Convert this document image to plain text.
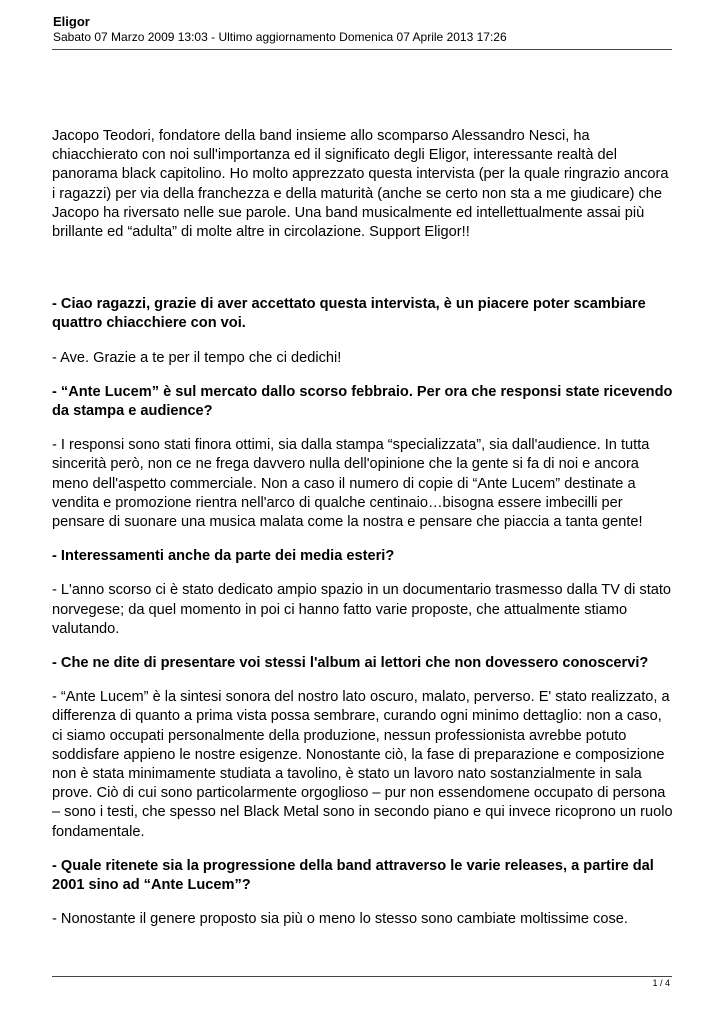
Eligor
Sabato 07 Marzo 2009 13:03 - Ultimo aggiornamento Domenica 07 Aprile 2013 17:26

Jacopo Teodori, fondatore della band insieme allo scomparso Alessandro Nesci, ha chiacchierato con noi sull'importanza ed il significato degli Eligor, interessante realtà del panorama black capitolino. Ho molto apprezzato questa intervista (per la quale ringrazio ancora i ragazzi) per via della franchezza e della maturità (anche se certo non sta a me giudicare) che Jacopo ha riversato nelle sue parole. Una band musicalmente ed intellettualmente assai più brillante ed “adulta” di molte altre in circolazione. Support Eligor!!

- Ciao ragazzi, grazie di aver accettato questa intervista, è un piacere poter scambiare quattro chiacchiere con voi.

- Ave. Grazie a te per il tempo che ci dedichi!

- “Ante Lucem” è sul mercato dallo scorso febbraio. Per ora che responsi state ricevendo da stampa e audience?

- I responsi sono stati finora ottimi, sia dalla stampa “specializzata”, sia dall'audience. In tutta sincerità però, non ce ne frega davvero nulla dell'opinione che la gente si fa di noi e ancora meno dell'aspetto commerciale. Non a caso il numero di copie di “Ante Lucem” destinate a vendita e promozione rientra nell'arco di qualche centinaio…bisogna essere imbecilli per pensare di suonare una musica malata come la nostra e pensare che piaccia a tanta gente!

- Interessamenti anche da parte dei media esteri?

- L'anno scorso ci è stato dedicato ampio spazio in un documentario trasmesso dalla TV di stato norvegese; da quel momento in poi ci hanno fatto varie proposte, che attualmente stiamo valutando.

- Che ne dite di presentare voi stessi l'album ai lettori che non dovessero conoscervi?

- “Ante Lucem” è la sintesi sonora del nostro lato oscuro, malato, perverso. E' stato realizzato, a differenza di quanto a prima vista possa sembrare, curando ogni minimo dettaglio: non a caso, ci siamo occupati personalmente della produzione, nessun professionista avrebbe potuto soddisfare appieno le nostre esigenze. Nonostante ciò, la fase di preparazione e composizione non è stata minimamente studiata a tavolino, è stato un lavoro nato sostanzialmente in sala prove. Ciò di cui sono particolarmente orgoglioso – pur non essendomene occupato di persona – sono i testi, che spesso nel Black Metal sono in secondo piano e qui invece ricoprono un ruolo fondamentale.

- Quale ritenete sia la progressione della band attraverso le varie releases, a partire dal 2001 sino ad “Ante Lucem”?

- Nonostante il genere proposto sia più o meno lo stesso sono cambiate moltissime cose.

1 / 4
